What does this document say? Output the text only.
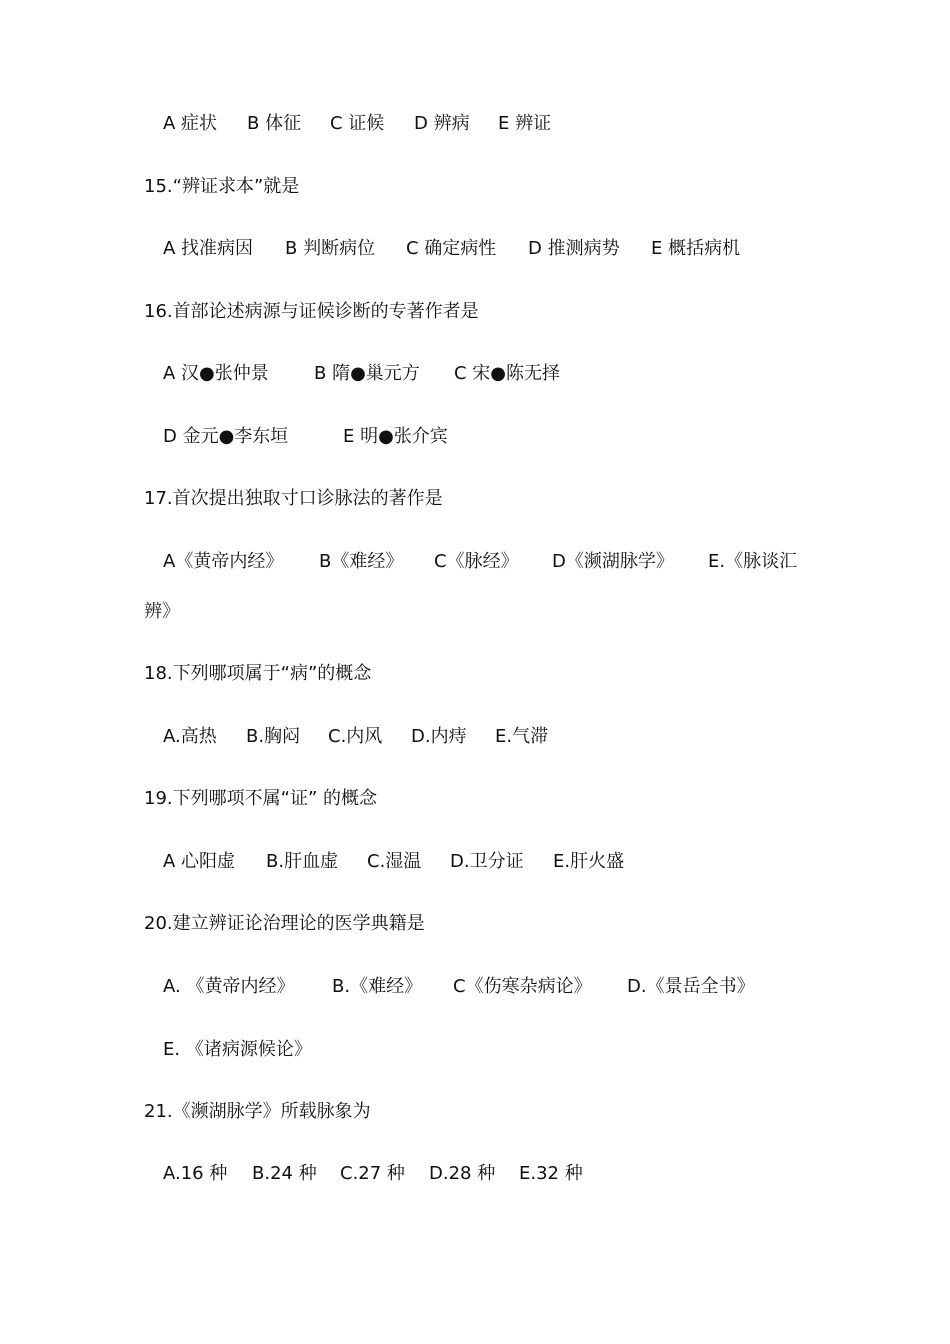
A 症状 B 体征 C 证候 D 辨病 E 辨证
15.“辨证求本”就是
A 找准病因 B 判断病位 C 确定病性 D 推测病势 E 概括病机
16.首部论述病源与证候诊断的专著作者是
A 汉●张仲景	B 隋●巢元方 C 宋●陈无择
D 金元●李东垣	E 明●张介宾
17.首次提出独取寸口诊脉法的著作是
A《黄帝内经》 B《难经》 C《脉经》 D《濒湖脉学》 E.《脉谈汇
辨》
18.下列哪项属于“病”的概念
A.高热 B.胸闷 C.内风 D.内痔 E.气滞
19.下列哪项不属“证” 的概念
A 心阳虚 B.肝血虚 C.湿温 D.卫分证 E.肝火盛
20.建立辨证论治理论的医学典籍是
A. 《黄帝内经》 B.《难经》 C《伤寒杂病论》 D.《景岳全书》
E. 《诸病源候论》
21.《濒湖脉学》所载脉象为
A.16 种 B.24 种 C.27 种 D.28 种 E.32 种
